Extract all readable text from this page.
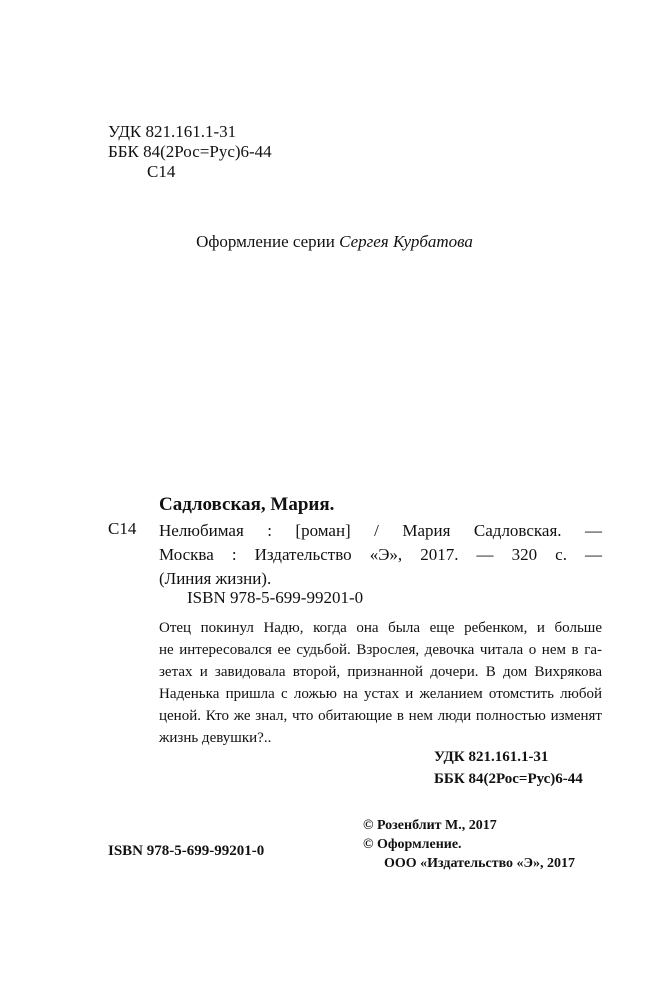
УДК 821.161.1-31
ББК 84(2Рос=Рус)6-44
С14
Оформление серии Сергея Курбатова
Садловская, Мария.
С14 Нелюбимая : [роман] / Мария Садловская. —
Москва : Издательство «Э», 2017. — 320 с. —
(Линия жизни).
ISBN 978-5-699-99201-0
Отец покинул Надю, когда она была еще ребенком, и больше
не интересовался ее судьбой. Взрослея, девочка читала о нем в га-
зетах и завидовала второй, признанной дочери. В дом Вихрякова
Наденька пришла с ложью на устах и желанием отомстить любой
ценой. Кто же знал, что обитающие в нем люди полностью изменят
жизнь девушки?..
УДК 821.161.1-31
ББК 84(2Рос=Рус)6-44
© Розенблит М., 2017
© Оформление.
ООО «Издательство «Э», 2017
ISBN 978-5-699-99201-0
